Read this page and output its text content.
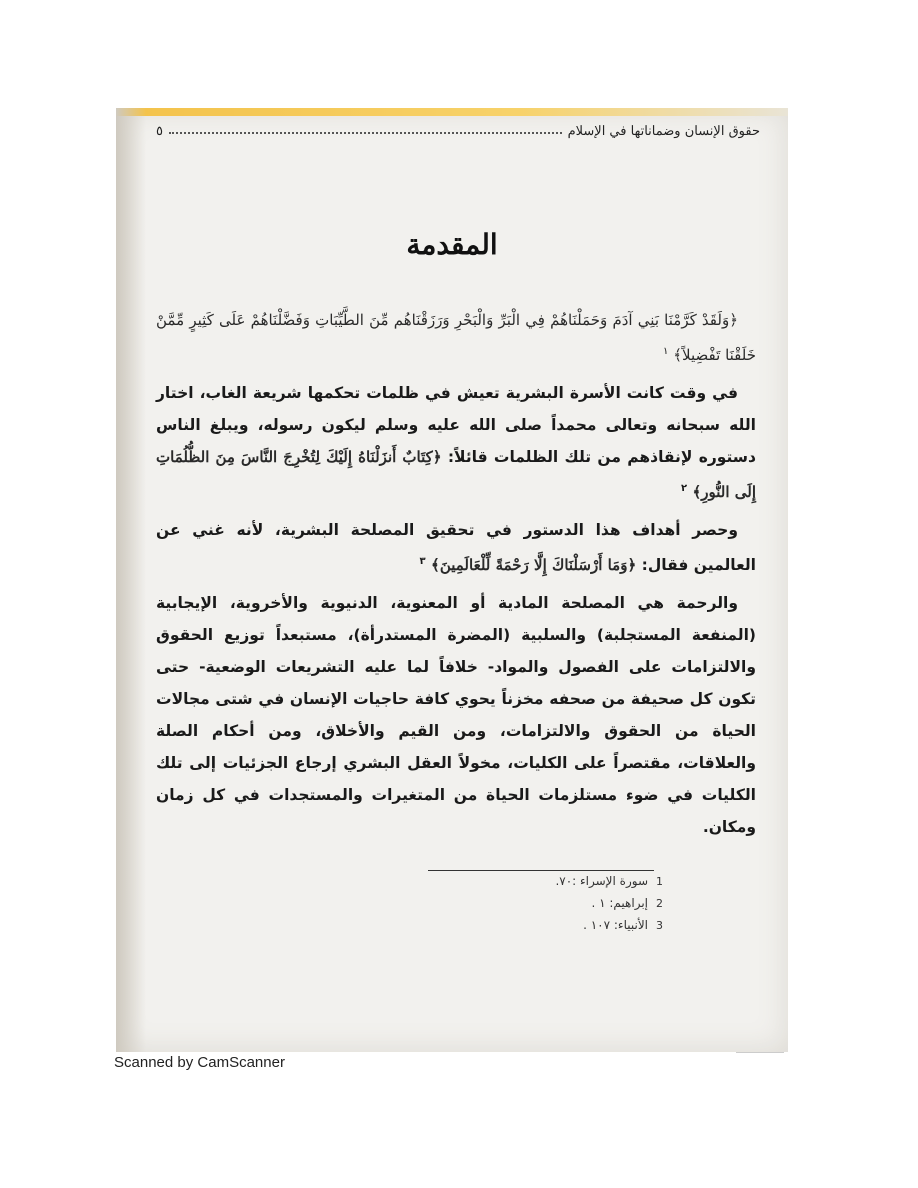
حقوق الإنسان وضماناتها في الإسلام
٥
المقدمة

﴿وَلَقَدْ كَرَّمْنَا بَنِي آدَمَ وَحَمَلْنَاهُمْ فِي الْبَرِّ وَالْبَحْرِ وَرَزَقْنَاهُم مِّنَ الطَّيِّبَاتِ وَفَضَّلْنَاهُمْ عَلَى كَثِيرٍ مِّمَّنْ خَلَقْنَا تَفْضِيلاً﴾ $^١$

في وقت كانت الأسرة البشرية تعيش في ظلمات تحكمها شريعة الغاب، اختار الله سبحانه وتعالى محمداً صلى الله عليه وسلم ليكون رسوله، ويبلغ الناس دستوره لإنقاذهم من تلك الظلمات قائلاً: ﴿كِتَابٌ أَنزَلْنَاهُ إِلَيْكَ لِتُخْرِجَ النَّاسَ مِنَ الظُّلُمَاتِ إِلَى النُّورِ﴾ $^٢$

وحصر أهداف هذا الدستور في تحقيق المصلحة البشرية، لأنه غني عن العالمين فقال: ﴿وَمَا أَرْسَلْنَاكَ إِلَّا رَحْمَةً لِّلْعَالَمِينَ﴾ $^٣$

والرحمة هي المصلحة المادية أو المعنوية، الدنيوية والأخروية، الإيجابية (المنفعة المستجلبة) والسلبية (المضرة المستدرأة)، مستبعداً توزيع الحقوق والالتزامات على الفصول والمواد- خلافاً لما عليه التشريعات الوضعية- حتى تكون كل صحيفة من صحفه مخزناً يحوي كافة حاجيات الإنسان في شتى مجالات الحياة من الحقوق والالتزامات، ومن القيم والأخلاق، ومن أحكام الصلة والعلاقات، مقتصراً على الكليات، مخولاً العقل البشري إرجاع الجزئيات إلى تلك الكليات في ضوء مستلزمات الحياة من المتغيرات والمستجدات في كل زمان ومكان.

سورة الإسراء :٧٠. 1
إبراهيم: ١ . 2
الأنبياء: ١٠٧ . 3
Scanned by CamScanner
